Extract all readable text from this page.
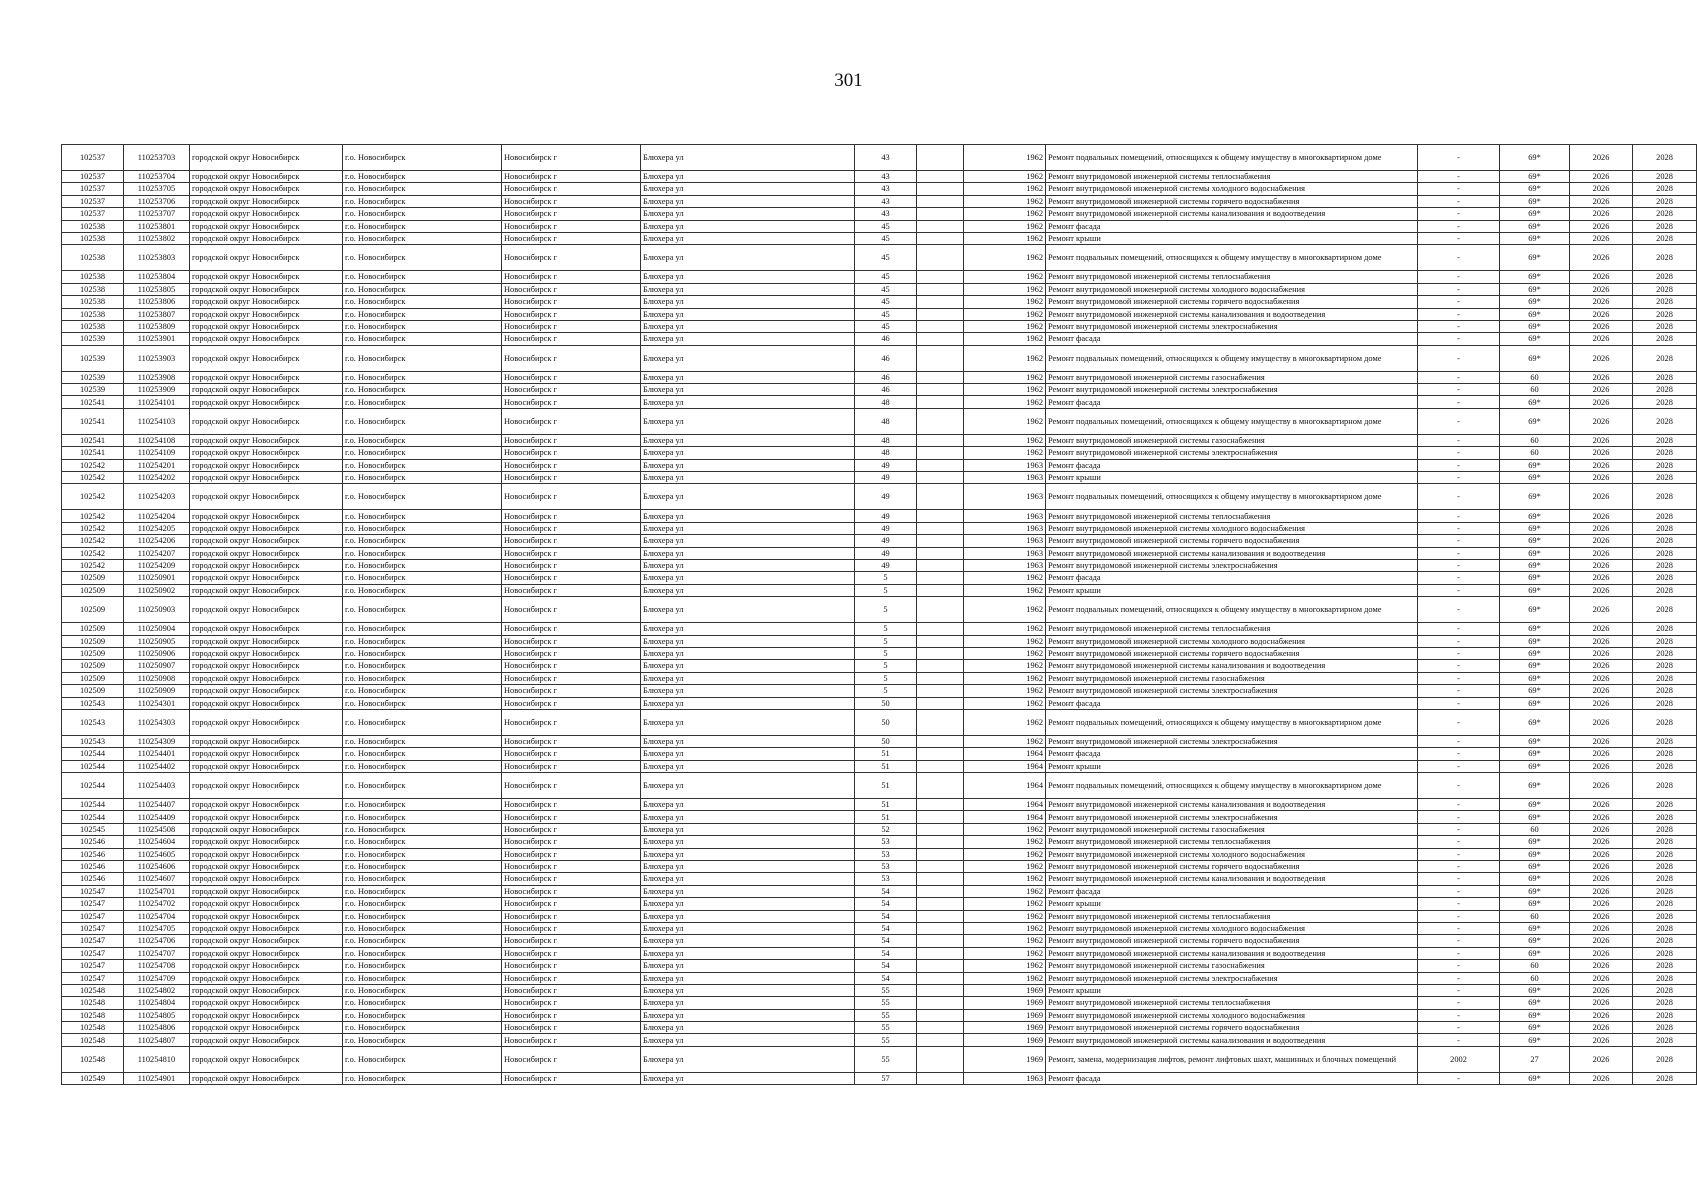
301
102537	110253703	городской округ Новосибирск	г.о. Новосибирск	Новосибирск г	Блюхера ул	43		1962	Ремонт подвальных помещений, относящихся к общему имуществу в многоквартирном доме	-	69*	2026	2028
102537	110253704	городской округ Новосибирск	г.о. Новосибирск	Новосибирск г	Блюхера ул	43		1962	Ремонт внутридомовой инженерной системы теплоснабжения	-	69*	2026	2028
102537	110253705	городской округ Новосибирск	г.о. Новосибирск	Новосибирск г	Блюхера ул	43		1962	Ремонт внутридомовой инженерной системы холодного водоснабжения	-	69*	2026	2028
102537	110253706	городской округ Новосибирск	г.о. Новосибирск	Новосибирск г	Блюхера ул	43		1962	Ремонт внутридомовой инженерной системы горячего водоснабжения	-	69*	2026	2028
102537	110253707	городской округ Новосибирск	г.о. Новосибирск	Новосибирск г	Блюхера ул	43		1962	Ремонт внутридомовой инженерной системы канализования и водоотведения	-	69*	2026	2028
102538	110253801	городской округ Новосибирск	г.о. Новосибирск	Новосибирск г	Блюхера ул	45		1962	Ремонт фасада	-	69*	2026	2028
102538	110253802	городской округ Новосибирск	г.о. Новосибирск	Новосибирск г	Блюхера ул	45		1962	Ремонт крыши	-	69*	2026	2028
102538	110253803	городской округ Новосибирск	г.о. Новосибирск	Новосибирск г	Блюхера ул	45		1962	Ремонт подвальных помещений, относящихся к общему имуществу в многоквартирном доме	-	69*	2026	2028
102538	110253804	городской округ Новосибирск	г.о. Новосибирск	Новосибирск г	Блюхера ул	45		1962	Ремонт внутридомовой инженерной системы теплоснабжения	-	69*	2026	2028
102538	110253805	городской округ Новосибирск	г.о. Новосибирск	Новосибирск г	Блюхера ул	45		1962	Ремонт внутридомовой инженерной системы холодного водоснабжения	-	69*	2026	2028
102538	110253806	городской округ Новосибирск	г.о. Новосибирск	Новосибирск г	Блюхера ул	45		1962	Ремонт внутридомовой инженерной системы горячего водоснабжения	-	69*	2026	2028
102538	110253807	городской округ Новосибирск	г.о. Новосибирск	Новосибирск г	Блюхера ул	45		1962	Ремонт внутридомовой инженерной системы канализования и водоотведения	-	69*	2026	2028
102538	110253809	городской округ Новосибирск	г.о. Новосибирск	Новосибирск г	Блюхера ул	45		1962	Ремонт внутридомовой инженерной системы электроснабжения	-	69*	2026	2028
102539	110253901	городской округ Новосибирск	г.о. Новосибирск	Новосибирск г	Блюхера ул	46		1962	Ремонт фасада	-	69*	2026	2028
102539	110253903	городской округ Новосибирск	г.о. Новосибирск	Новосибирск г	Блюхера ул	46		1962	Ремонт подвальных помещений, относящихся к общему имуществу в многоквартирном доме	-	69*	2026	2028
102539	110253908	городской округ Новосибирск	г.о. Новосибирск	Новосибирск г	Блюхера ул	46		1962	Ремонт внутридомовой инженерной системы газоснабжения	-	60	2026	2028
102539	110253909	городской округ Новосибирск	г.о. Новосибирск	Новосибирск г	Блюхера ул	46		1962	Ремонт внутридомовой инженерной системы электроснабжения	-	60	2026	2028
102541	110254101	городской округ Новосибирск	г.о. Новосибирск	Новосибирск г	Блюхера ул	48		1962	Ремонт фасада	-	69*	2026	2028
102541	110254103	городской округ Новосибирск	г.о. Новосибирск	Новосибирск г	Блюхера ул	48		1962	Ремонт подвальных помещений, относящихся к общему имуществу в многоквартирном доме	-	69*	2026	2028
102541	110254108	городской округ Новосибирск	г.о. Новосибирск	Новосибирск г	Блюхера ул	48		1962	Ремонт внутридомовой инженерной системы газоснабжения	-	60	2026	2028
102541	110254109	городской округ Новосибирск	г.о. Новосибирск	Новосибирск г	Блюхера ул	48		1962	Ремонт внутридомовой инженерной системы электроснабжения	-	60	2026	2028
102542	110254201	городской округ Новосибирск	г.о. Новосибирск	Новосибирск г	Блюхера ул	49		1963	Ремонт фасада	-	69*	2026	2028
102542	110254202	городской округ Новосибирск	г.о. Новосибирск	Новосибирск г	Блюхера ул	49		1963	Ремонт крыши	-	69*	2026	2028
102542	110254203	городской округ Новосибирск	г.о. Новосибирск	Новосибирск г	Блюхера ул	49		1963	Ремонт подвальных помещений, относящихся к общему имуществу в многоквартирном доме	-	69*	2026	2028
102542	110254204	городской округ Новосибирск	г.о. Новосибирск	Новосибирск г	Блюхера ул	49		1963	Ремонт внутридомовой инженерной системы теплоснабжения	-	69*	2026	2028
102542	110254205	городской округ Новосибирск	г.о. Новосибирск	Новосибирск г	Блюхера ул	49		1963	Ремонт внутридомовой инженерной системы холодного водоснабжения	-	69*	2026	2028
102542	110254206	городской округ Новосибирск	г.о. Новосибирск	Новосибирск г	Блюхера ул	49		1963	Ремонт внутридомовой инженерной системы горячего водоснабжения	-	69*	2026	2028
102542	110254207	городской округ Новосибирск	г.о. Новосибирск	Новосибирск г	Блюхера ул	49		1963	Ремонт внутридомовой инженерной системы канализования и водоотведения	-	69*	2026	2028
102542	110254209	городской округ Новосибирск	г.о. Новосибирск	Новосибирск г	Блюхера ул	49		1963	Ремонт внутридомовой инженерной системы электроснабжения	-	69*	2026	2028
102509	110250901	городской округ Новосибирск	г.о. Новосибирск	Новосибирск г	Блюхера ул	5		1962	Ремонт фасада	-	69*	2026	2028
102509	110250902	городской округ Новосибирск	г.о. Новосибирск	Новосибирск г	Блюхера ул	5		1962	Ремонт крыши	-	69*	2026	2028
102509	110250903	городской округ Новосибирск	г.о. Новосибирск	Новосибирск г	Блюхера ул	5		1962	Ремонт подвальных помещений, относящихся к общему имуществу в многоквартирном доме	-	69*	2026	2028
102509	110250904	городской округ Новосибирск	г.о. Новосибирск	Новосибирск г	Блюхера ул	5		1962	Ремонт внутридомовой инженерной системы теплоснабжения	-	69*	2026	2028
102509	110250905	городской округ Новосибирск	г.о. Новосибирск	Новосибирск г	Блюхера ул	5		1962	Ремонт внутридомовой инженерной системы холодного водоснабжения	-	69*	2026	2028
102509	110250906	городской округ Новосибирск	г.о. Новосибирск	Новосибирск г	Блюхера ул	5		1962	Ремонт внутридомовой инженерной системы горячего водоснабжения	-	69*	2026	2028
102509	110250907	городской округ Новосибирск	г.о. Новосибирск	Новосибирск г	Блюхера ул	5		1962	Ремонт внутридомовой инженерной системы канализования и водоотведения	-	69*	2026	2028
102509	110250908	городской округ Новосибирск	г.о. Новосибирск	Новосибирск г	Блюхера ул	5		1962	Ремонт внутридомовой инженерной системы газоснабжения	-	69*	2026	2028
102509	110250909	городской округ Новосибирск	г.о. Новосибирск	Новосибирск г	Блюхера ул	5		1962	Ремонт внутридомовой инженерной системы электроснабжения	-	69*	2026	2028
102543	110254301	городской округ Новосибирск	г.о. Новосибирск	Новосибирск г	Блюхера ул	50		1962	Ремонт фасада	-	69*	2026	2028
102543	110254303	городской округ Новосибирск	г.о. Новосибирск	Новосибирск г	Блюхера ул	50		1962	Ремонт подвальных помещений, относящихся к общему имуществу в многоквартирном доме	-	69*	2026	2028
102543	110254309	городской округ Новосибирск	г.о. Новосибирск	Новосибирск г	Блюхера ул	50		1962	Ремонт внутридомовой инженерной системы электроснабжения	-	69*	2026	2028
102544	110254401	городской округ Новосибирск	г.о. Новосибирск	Новосибирск г	Блюхера ул	51		1964	Ремонт фасада	-	69*	2026	2028
102544	110254402	городской округ Новосибирск	г.о. Новосибирск	Новосибирск г	Блюхера ул	51		1964	Ремонт крыши	-	69*	2026	2028
102544	110254403	городской округ Новосибирск	г.о. Новосибирск	Новосибирск г	Блюхера ул	51		1964	Ремонт подвальных помещений, относящихся к общему имуществу в многоквартирном доме	-	69*	2026	2028
102544	110254407	городской округ Новосибирск	г.о. Новосибирск	Новосибирск г	Блюхера ул	51		1964	Ремонт внутридомовой инженерной системы канализования и водоотведения	-	69*	2026	2028
102544	110254409	городской округ Новосибирск	г.о. Новосибирск	Новосибирск г	Блюхера ул	51		1964	Ремонт внутридомовой инженерной системы электроснабжения	-	69*	2026	2028
102545	110254508	городской округ Новосибирск	г.о. Новосибирск	Новосибирск г	Блюхера ул	52		1962	Ремонт внутридомовой инженерной системы газоснабжения	-	60	2026	2028
102546	110254604	городской округ Новосибирск	г.о. Новосибирск	Новосибирск г	Блюхера ул	53		1962	Ремонт внутридомовой инженерной системы теплоснабжения	-	69*	2026	2028
102546	110254605	городской округ Новосибирск	г.о. Новосибирск	Новосибирск г	Блюхера ул	53		1962	Ремонт внутридомовой инженерной системы холодного водоснабжения	-	69*	2026	2028
102546	110254606	городской округ Новосибирск	г.о. Новосибирск	Новосибирск г	Блюхера ул	53		1962	Ремонт внутридомовой инженерной системы горячего водоснабжения	-	69*	2026	2028
102546	110254607	городской округ Новосибирск	г.о. Новосибирск	Новосибирск г	Блюхера ул	53		1962	Ремонт внутридомовой инженерной системы канализования и водоотведения	-	69*	2026	2028
102547	110254701	городской округ Новосибирск	г.о. Новосибирск	Новосибирск г	Блюхера ул	54		1962	Ремонт фасада	-	69*	2026	2028
102547	110254702	городской округ Новосибирск	г.о. Новосибирск	Новосибирск г	Блюхера ул	54		1962	Ремонт крыши	-	69*	2026	2028
102547	110254704	городской округ Новосибирск	г.о. Новосибирск	Новосибирск г	Блюхера ул	54		1962	Ремонт внутридомовой инженерной системы теплоснабжения	-	60	2026	2028
102547	110254705	городской округ Новосибирск	г.о. Новосибирск	Новосибирск г	Блюхера ул	54		1962	Ремонт внутридомовой инженерной системы холодного водоснабжения	-	69*	2026	2028
102547	110254706	городской округ Новосибирск	г.о. Новосибирск	Новосибирск г	Блюхера ул	54		1962	Ремонт внутридомовой инженерной системы горячего водоснабжения	-	69*	2026	2028
102547	110254707	городской округ Новосибирск	г.о. Новосибирск	Новосибирск г	Блюхера ул	54		1962	Ремонт внутридомовой инженерной системы канализования и водоотведения	-	69*	2026	2028
102547	110254708	городской округ Новосибирск	г.о. Новосибирск	Новосибирск г	Блюхера ул	54		1962	Ремонт внутридомовой инженерной системы газоснабжения	-	60	2026	2028
102547	110254709	городской округ Новосибирск	г.о. Новосибирск	Новосибирск г	Блюхера ул	54		1962	Ремонт внутридомовой инженерной системы электроснабжения	-	60	2026	2028
102548	110254802	городской округ Новосибирск	г.о. Новосибирск	Новосибирск г	Блюхера ул	55		1969	Ремонт крыши	-	69*	2026	2028
102548	110254804	городской округ Новосибирск	г.о. Новосибирск	Новосибирск г	Блюхера ул	55		1969	Ремонт внутридомовой инженерной системы теплоснабжения	-	69*	2026	2028
102548	110254805	городской округ Новосибирск	г.о. Новосибирск	Новосибирск г	Блюхера ул	55		1969	Ремонт внутридомовой инженерной системы холодного водоснабжения	-	69*	2026	2028
102548	110254806	городской округ Новосибирск	г.о. Новосибирск	Новосибирск г	Блюхера ул	55		1969	Ремонт внутридомовой инженерной системы горячего водоснабжения	-	69*	2026	2028
102548	110254807	городской округ Новосибирск	г.о. Новосибирск	Новосибирск г	Блюхера ул	55		1969	Ремонт внутридомовой инженерной системы канализования и водоотведения	-	69*	2026	2028
102548	110254810	городской округ Новосибирск	г.о. Новосибирск	Новосибирск г	Блюхера ул	55		1969	Ремонт, замена, модернизация лифтов, ремонт лифтовых шахт, машинных и блочных помещений	2002	27	2026	2028
102549	110254901	городской округ Новосибирск	г.о. Новосибирск	Новосибирск г	Блюхера ул	57		1963	Ремонт фасада	-	69*	2026	2028
